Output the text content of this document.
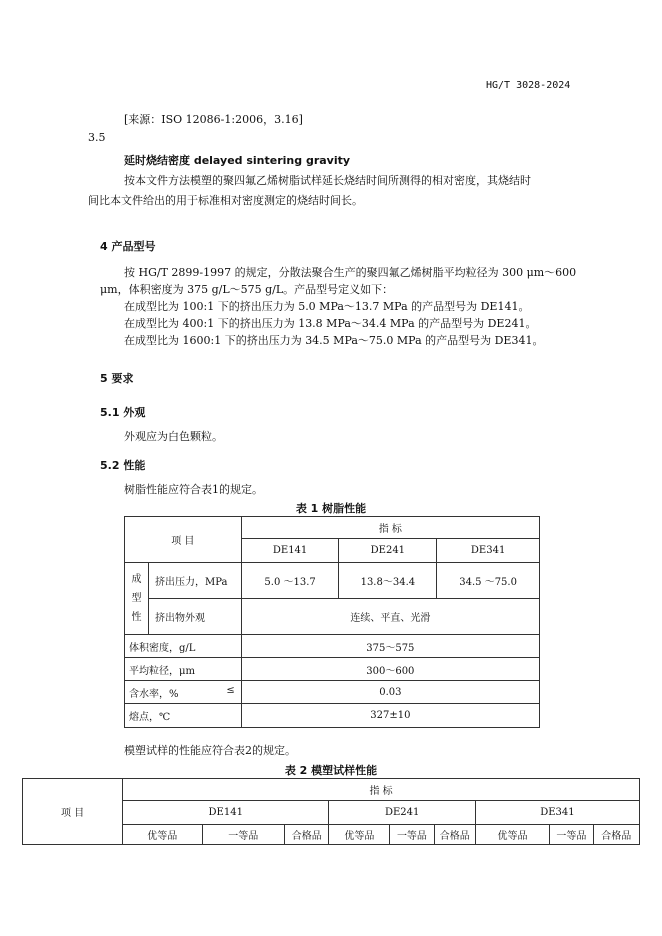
HG/T 3028-2024
[来源：ISO 12086-1:2006，3.16]
3.5
延时烧结密度 delayed sintering gravity
按本文件方法模塑的聚四氟乙烯树脂试样延长烧结时间所测得的相对密度，其烧结时
间比本文件给出的用于标准相对密度测定的烧结时间长。
4 产品型号
按 HG/T 2899-1997 的规定，分散法聚合生产的聚四氟乙烯树脂平均粒径为 300 μm～600
μm，体积密度为 375 g/L～575 g/L。产品型号定义如下：
在成型比为 100:1 下的挤出压力为 5.0 MPa～13.7 MPa 的产品型号为 DE141。
在成型比为 400:1 下的挤出压力为 13.8 MPa～34.4 MPa 的产品型号为 DE241。
在成型比为 1600:1 下的挤出压力为 34.5 MPa～75.0 MPa 的产品型号为 DE341。
5 要求
5.1 外观
外观应为白色颗粒。
5.2 性能
树脂性能应符合表1的规定。
表 1 树脂性能
项 目		指 标		
		DE141	DE241	DE341
成型性	挤出压力，MPa	5.0 ～13.7	13.8～34.4	34.5 ～75.0
	挤出物外观	连续、平直、光滑		
体积密度，g/L		375～575		
平均粒径，μm		300～600		
含水率，% ≤		0.03		
熔点，℃		327±10		
模塑试样的性能应符合表2的规定。
表 2 模塑试样性能
项 目	指 标								
	DE141			DE241			DE341		
	优等品	一等品	合格品	优等品	一等品	合格品	优等品	一等品	合格品
